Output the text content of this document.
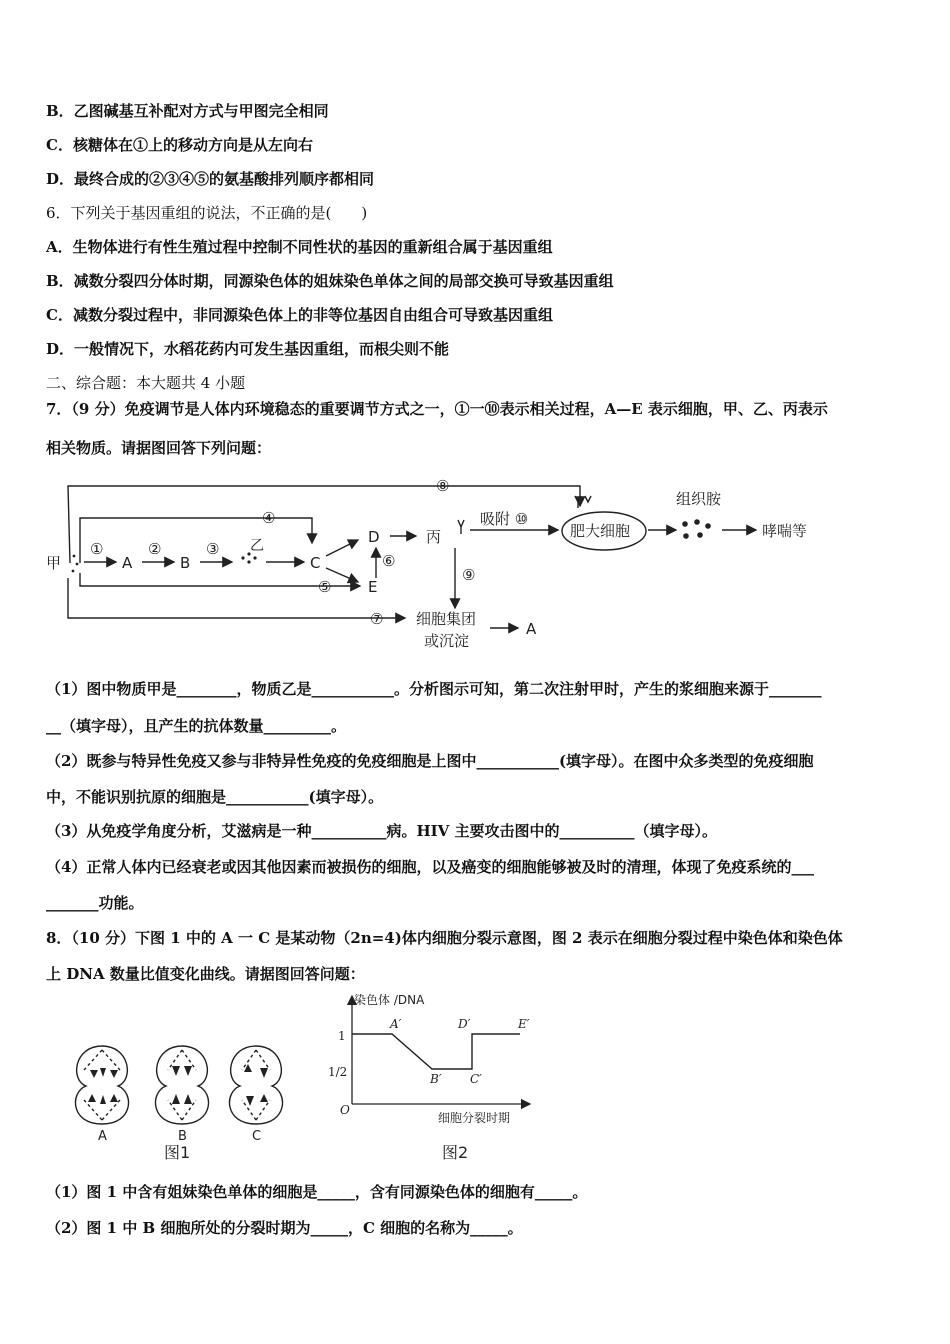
B．乙图碱基互补配对方式与甲图完全相同
C．核糖体在①上的移动方向是从左向右
D．最终合成的②③④⑤的氨基酸排列顺序都相同
6．下列关于基因重组的说法，不正确的是(　　)
A．生物体进行有性生殖过程中控制不同性状的基因的重新组合属于基因重组
B．减数分裂四分体时期，同源染色体的姐妹染色单体之间的局部交换可导致基因重组
C．减数分裂过程中，非同源染色体上的非等位基因自由组合可导致基因重组
D．一般情况下，水稻花药内可发生基因重组，而根尖则不能
二、综合题：本大题共 4 小题
7．（9 分）免疫调节是人体内环境稳态的重要调节方式之一，①一⑩表示相关过程，A—E 表示细胞，甲、乙、丙表示
相关物质。请据图回答下列问题：
甲	A	B	C
D
E
乙	丙
①	②	③
④
⑤
⑥
⑦
⑧
⑨
吸附 ⑩
肥大细胞
组织胺
哮喘等
细胞集团
或沉淀
A
（1）图中物质甲是________，物质乙是___________。分析图示可知，第二次注射甲时，产生的浆细胞来源于_______
__（填字母），且产生的抗体数量_________。
（2）既参与特异性免疫又参与非特异性免疫的免疫细胞是上图中___________(填字母）。在图中众多类型的免疫细胞
中，不能识别抗原的细胞是___________(填字母）。
（3）从免疫学角度分析，艾滋病是一种__________病。HIV 主要攻击图中的__________（填字母）。
（4）正常人体内已经衰老或因其他因素而被损伤的细胞，以及癌变的细胞能够被及时的清理，体现了免疫系统的___
_______功能。
8．（10 分）下图 1 中的 A 一 C 是某动物（2n=4)体内细胞分裂示意图，图 2 表示在细胞分裂过程中染色体和染色体
上 DNA 数量比值变化曲线。请据图回答问题：
A	B	C
图1
染色体 /DNA
细胞分裂时期
O
1
1/2
A′
B′ C′
D′	E′
图2
（1）图 1 中含有姐妹染色单体的细胞是_____，含有同源染色体的细胞有_____。
（2）图 1 中 B 细胞所处的分裂时期为_____，C 细胞的名称为_____。
